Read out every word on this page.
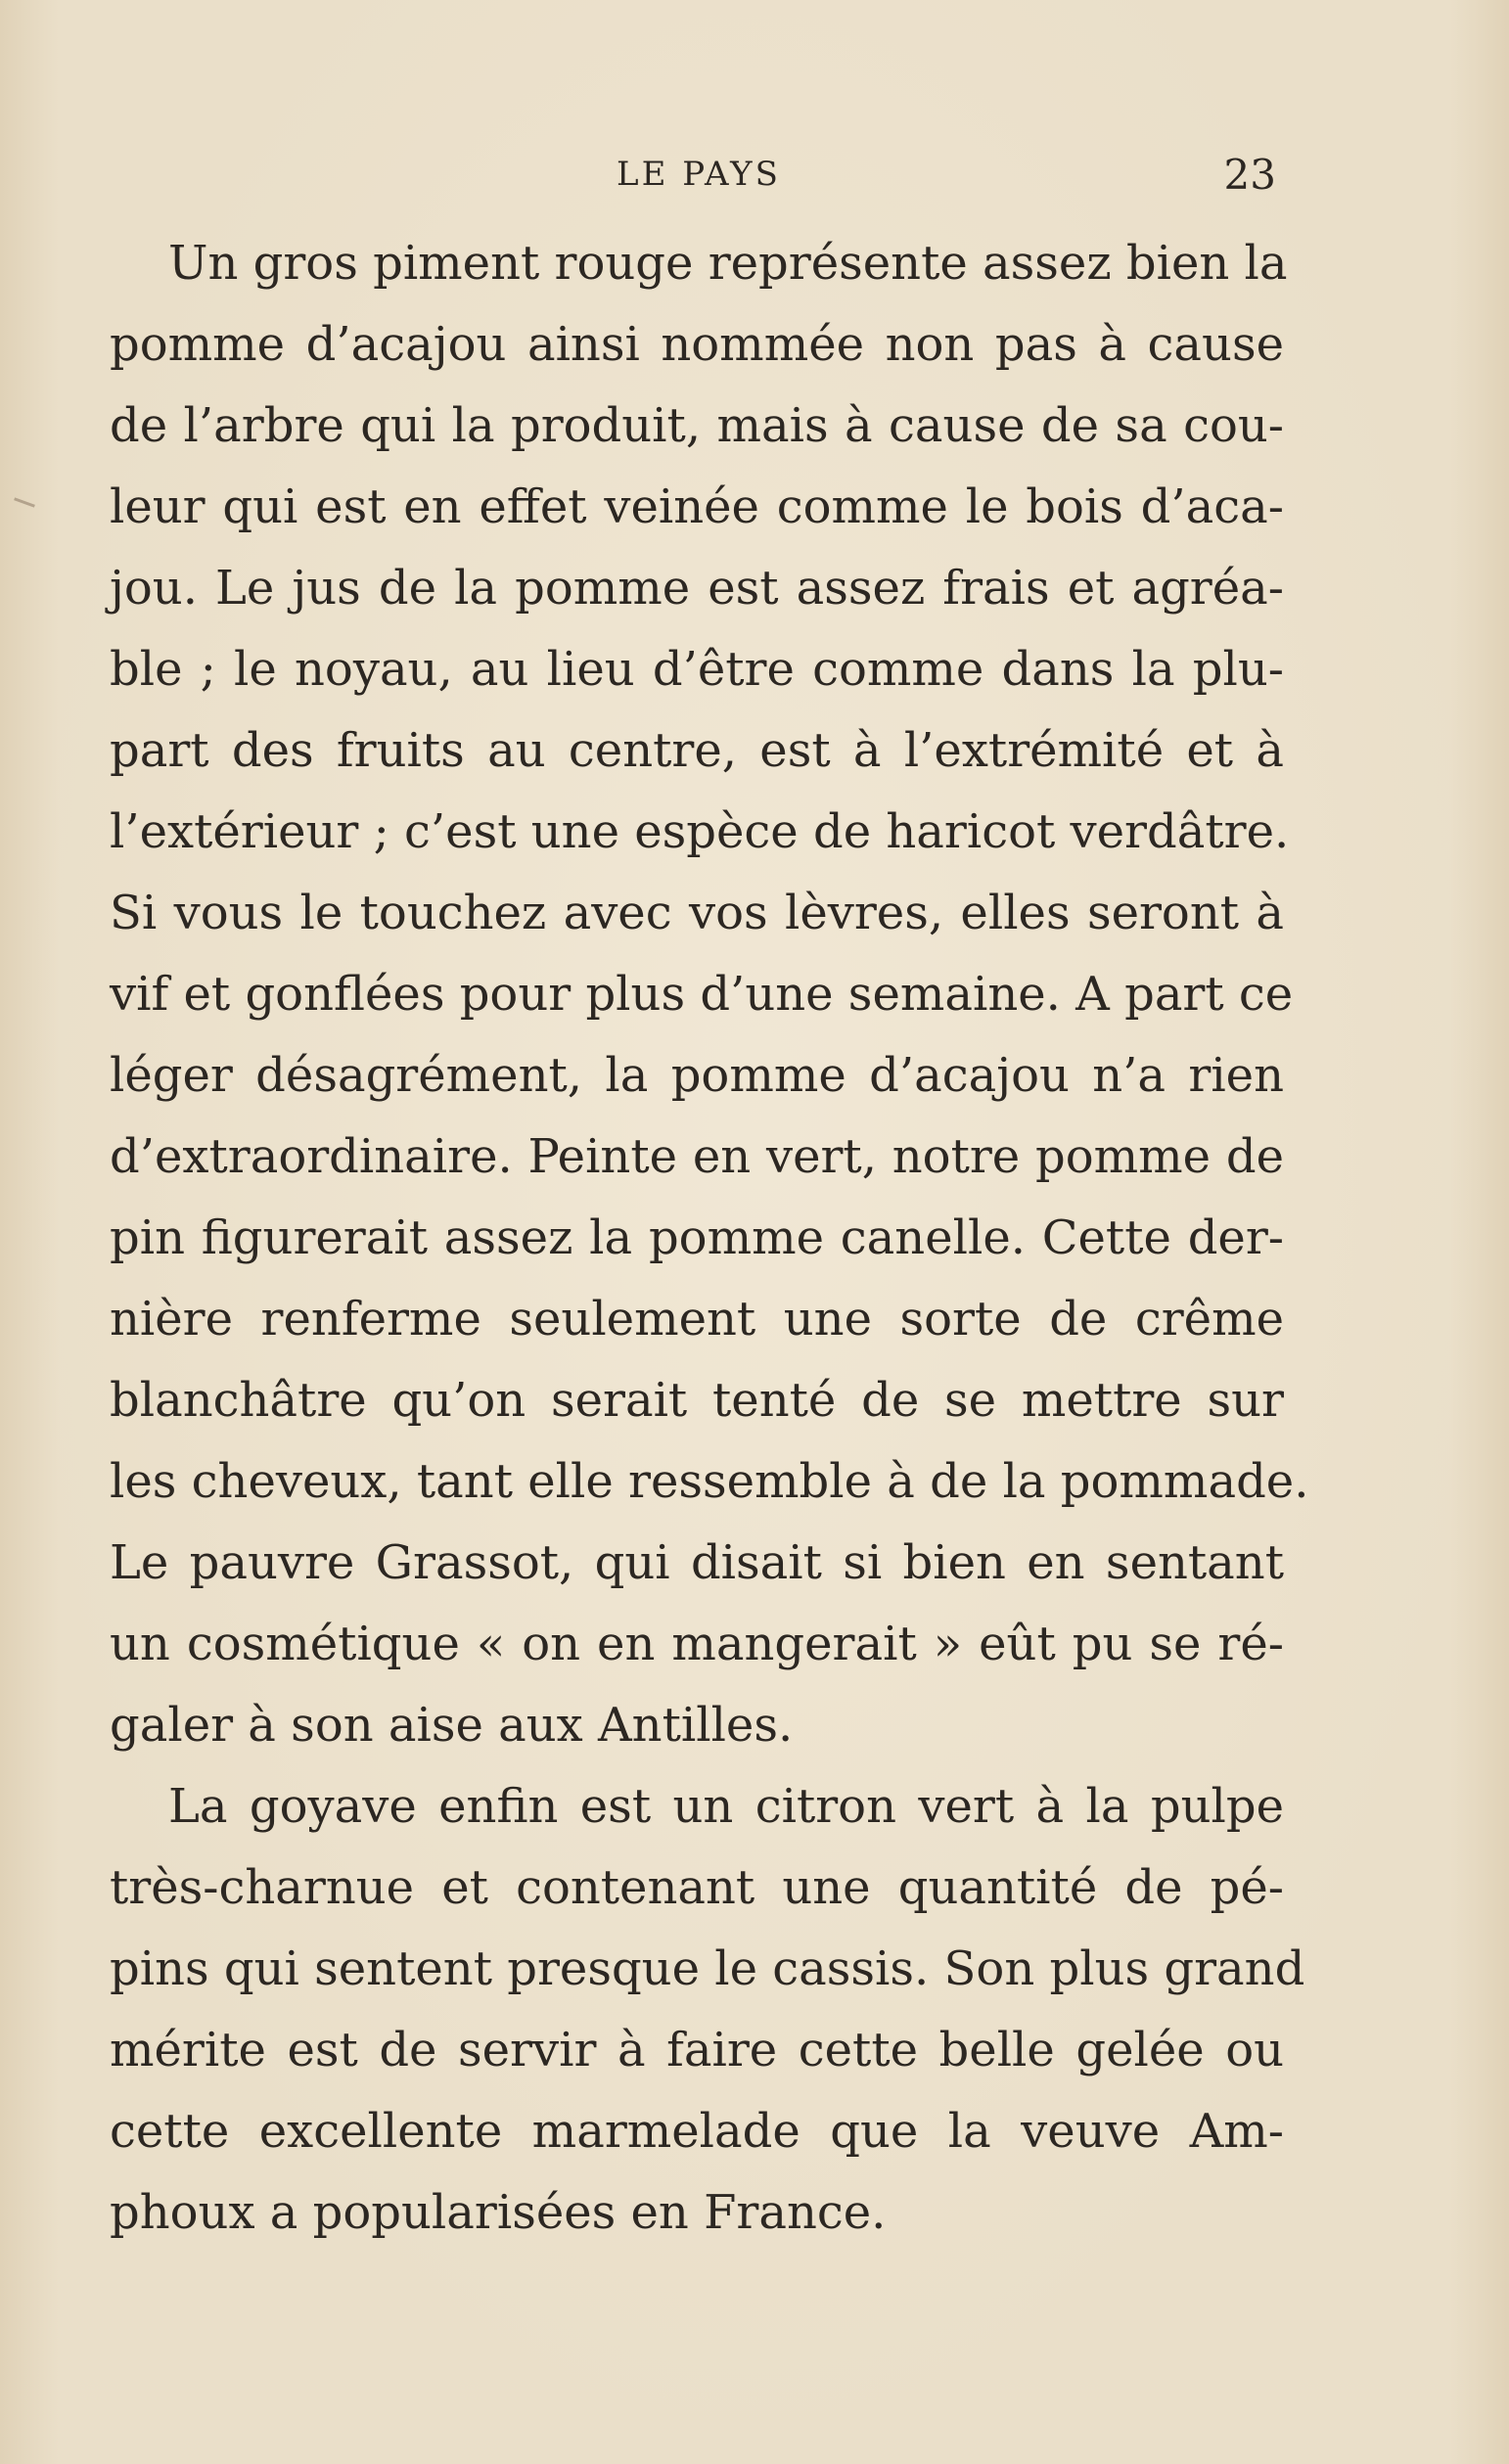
LE PAYS	23
Un gros piment rouge représente assez bien la
pomme d’acajou ainsi nommée non pas à cause
de l’arbre qui la produit, mais à cause de sa cou-
leur qui est en effet veinée comme le bois d’aca-
jou. Le jus de la pomme est assez frais et agréa-
ble ; le noyau, au lieu d’être comme dans la plu-
part des fruits au centre, est à l’extrémité et à
l’extérieur ; c’est une espèce de haricot verdâtre.
Si vous le touchez avec vos lèvres, elles seront à
vif et gonflées pour plus d’une semaine. A part ce
léger désagrément, la pomme d’acajou n’a rien
d’extraordinaire. Peinte en vert, notre pomme de
pin figurerait assez la pomme canelle. Cette der-
nière renferme seulement une sorte de crême
blanchâtre qu’on serait tenté de se mettre sur
les cheveux, tant elle ressemble à de la pommade.
Le pauvre Grassot, qui disait si bien en sentant
un cosmétique « on en mangerait » eût pu se ré-
galer à son aise aux Antilles.
La goyave enfin est un citron vert à la pulpe
très-charnue et contenant une quantité de pé-
pins qui sentent presque le cassis. Son plus grand
mérite est de servir à faire cette belle gelée ou
cette excellente marmelade que la veuve Am-
phoux a popularisées en France.
